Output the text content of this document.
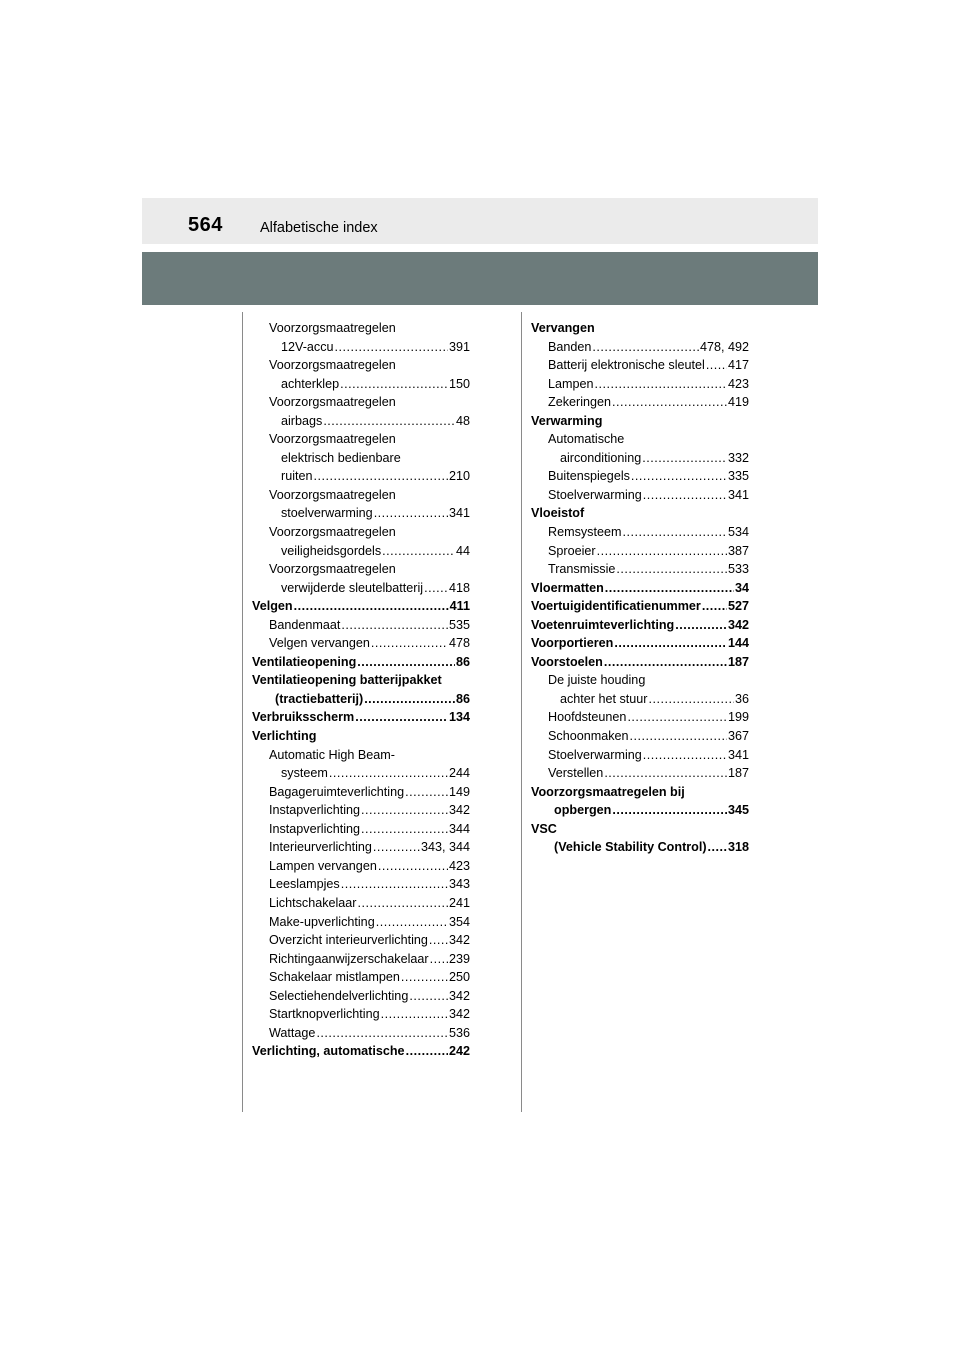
564	Alfabetische index
Voorzorgsmaatregelen
12V-accu .....	391
Voorzorgsmaatregelen
achterklep .....	150
Voorzorgsmaatregelen
airbags .....	48
Voorzorgsmaatregelen
elektrisch bedienbare
ruiten .....	210
Voorzorgsmaatregelen
stoelverwarming .....	341
Voorzorgsmaatregelen
veiligheidsgordels .....	44
Voorzorgsmaatregelen
verwijderde sleutelbatterij ..... 418
Velgen .....	411
Bandenmaat .....	535
Velgen vervangen .....	478
Ventilatieopening .....	86
Ventilatieopening batterijpakket
(tractiebatterij) .....	86
Verbruiksscherm .....	134
Verlichting
Automatic High Beam-
systeem .....	244
Bagageruimteverlichting .....	149
Instapverlichting .....	342
Instapverlichting .....	344
Interieurverlichting .....	343, 344
Lampen vervangen .....	423
Leeslampjes .....	343
Lichtschakelaar .....	241
Make-upverlichting .....	354
Overzicht interieurverlichting ..... 342
Richtingaanwijzerschakelaar ..... 239
Schakelaar mistlampen .....	250
Selectiehendelverlichting .....	342
Startknopverlichting .....	342
Wattage .....	536
Verlichting, automatische .....	242
Vervangen
Banden .....	478, 492
Batterij elektronische sleutel ..... 417
Lampen .....	423
Zekeringen .....	419
Verwarming
Automatische
airconditioning .....	332
Buitenspiegels .....	335
Stoelverwarming .....	341
Vloeistof
Remsysteem .....	534
Sproeier .....	387
Transmissie .....	533
Vloermatten .....	34
Voertuigidentificatienummer ..... 527
Voetenruimteverlichting .....	342
Voorportieren .....	144
Voorstoelen .....	187
De juiste houding
achter het stuur .....	36
Hoofdsteunen .....	199
Schoonmaken .....	367
Stoelverwarming .....	341
Verstellen .....	187
Voorzorgsmaatregelen bij
opbergen .....	345
VSC
(Vehicle Stability Control) ..... 318
